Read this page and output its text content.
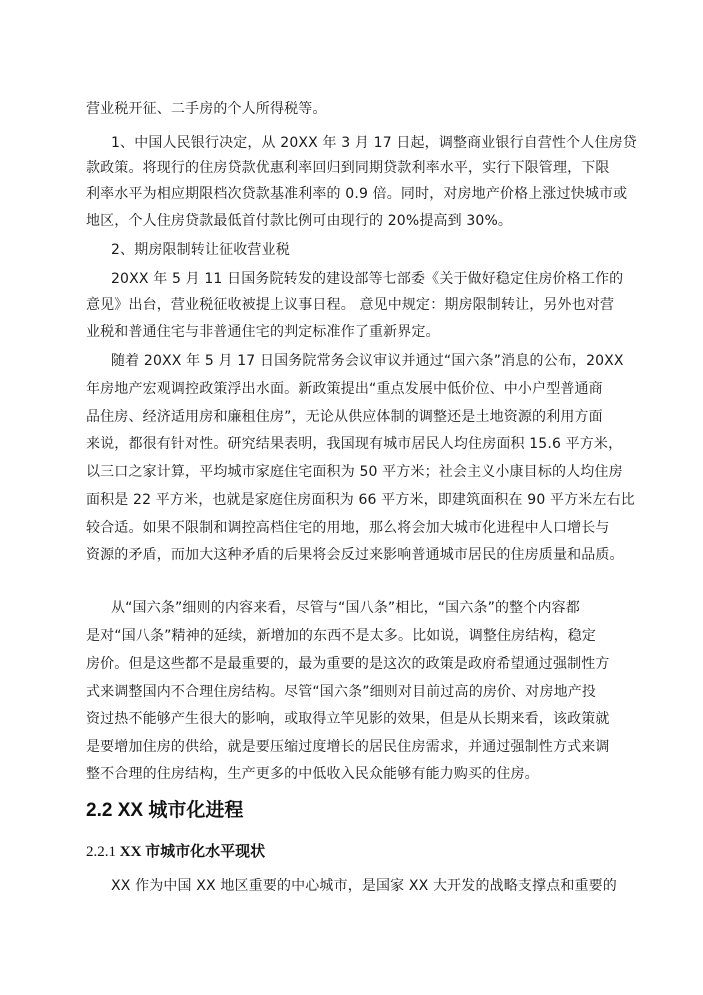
营业税开征、二手房的个人所得税等。
1、中国人民银行决定，从 20XX 年 3 月 17 日起，调整商业银行自营性个人住房贷
款政策。将现行的住房贷款优惠利率回归到同期贷款利率水平，实行下限管理，下限
利率水平为相应期限档次贷款基准利率的 0.9 倍。同时，对房地产价格上涨过快城市或
地区，个人住房贷款最低首付款比例可由现行的 20%提高到 30%。
2、期房限制转让征收营业税
20XX 年 5 月 11 日国务院转发的建设部等七部委《关于做好稳定住房价格工作的
意见》出台，营业税征收被提上议事日程。 意见中规定：期房限制转让，另外也对营
业税和普通住宅与非普通住宅的判定标准作了重新界定。
随着 20XX 年 5 月 17 日国务院常务会议审议并通过“国六条”消息的公布，20XX
年房地产宏观调控政策浮出水面。新政策提出“重点发展中低价位、中小户型普通商
品住房、经济适用房和廉租住房”，无论从供应体制的调整还是土地资源的利用方面
来说，都很有针对性。研究结果表明，我国现有城市居民人均住房面积 15.6 平方米，
以三口之家计算，平均城市家庭住宅面积为 50 平方米；社会主义小康目标的人均住房
面积是 22 平方米，也就是家庭住房面积为 66 平方米，即建筑面积在 90 平方米左右比
较合适。如果不限制和调控高档住宅的用地，那么将会加大城市化进程中人口增长与
资源的矛盾，而加大这种矛盾的后果将会反过来影响普通城市居民的住房质量和品质。
从“国六条”细则的内容来看，尽管与“国八条”相比，“国六条”的整个内容都
是对“国八条”精神的延续，新增加的东西不是太多。比如说，调整住房结构，稳定
房价。但是这些都不是最重要的，最为重要的是这次的政策是政府希望通过强制性方
式来调整国内不合理住房结构。尽管“国六条”细则对目前过高的房价、对房地产投
资过热不能够产生很大的影响，或取得立竿见影的效果，但是从长期来看，该政策就
是要增加住房的供给，就是要压缩过度增长的居民住房需求，并通过强制性方式来调
整不合理的住房结构，生产更多的中低收入民众能够有能力购买的住房。
2.2 XX 城市化进程
2.2.1 XX 市城市化水平现状
XX 作为中国 XX 地区重要的中心城市，是国家 XX 大开发的战略支撑点和重要的
